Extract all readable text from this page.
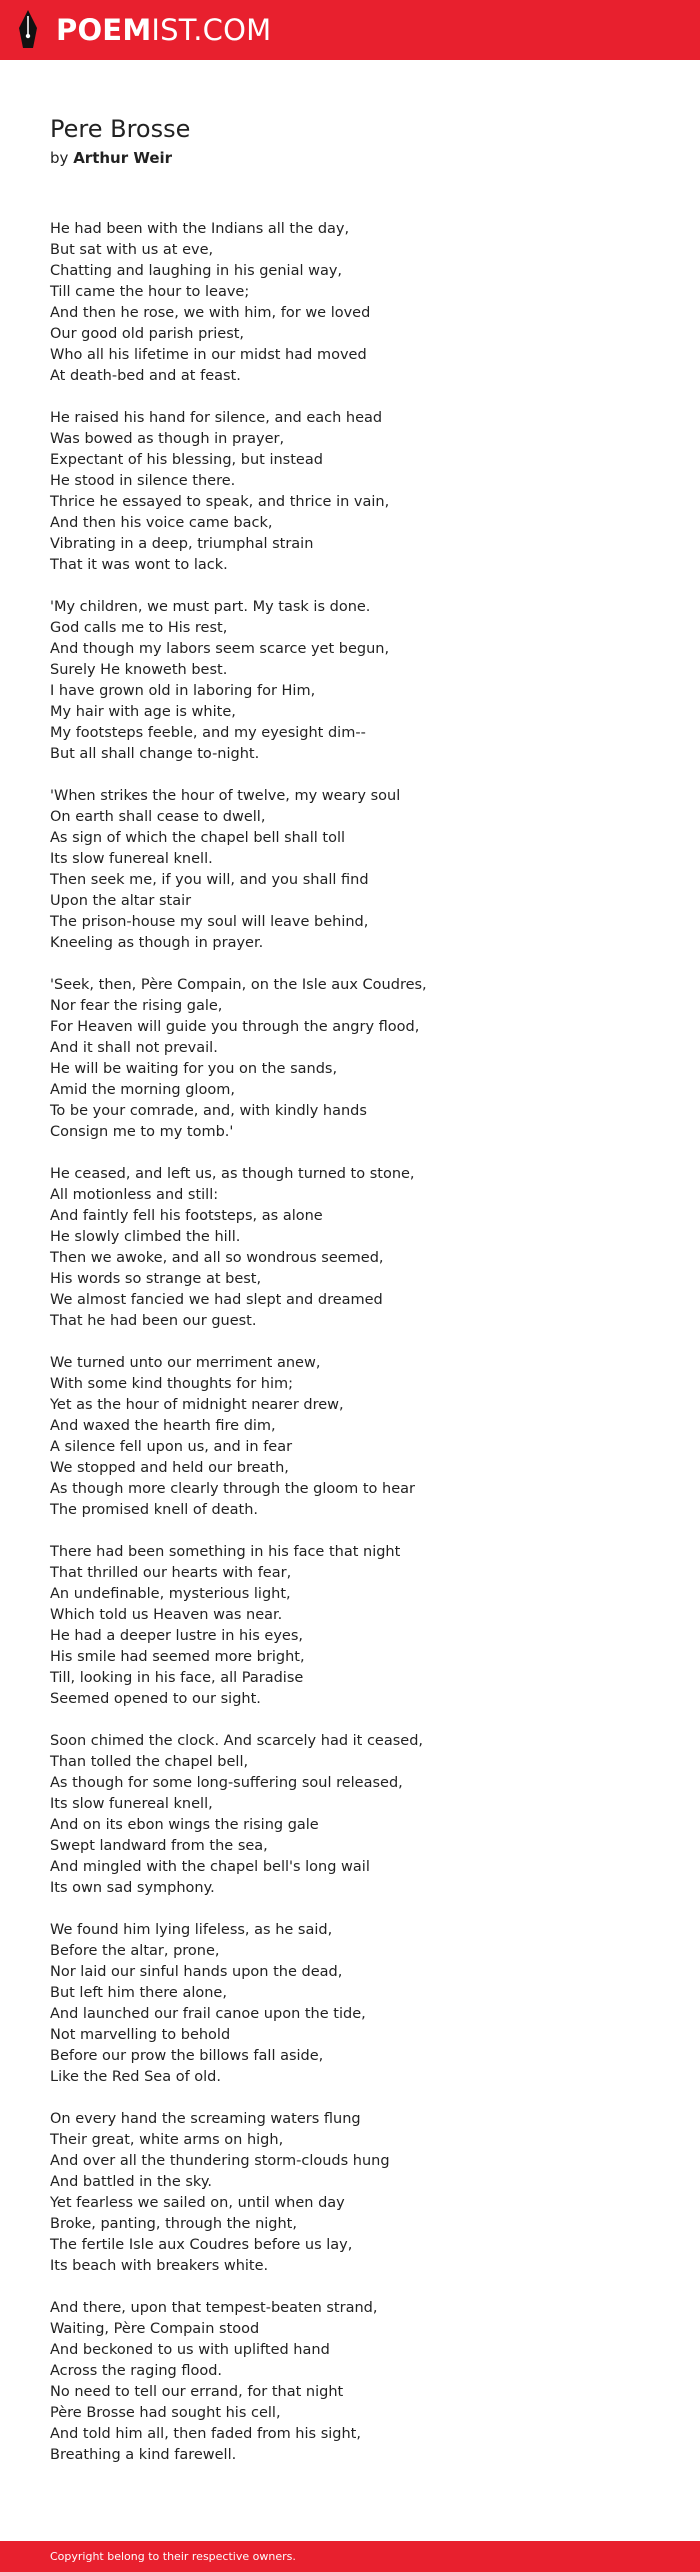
POEMIST.COM
Pere Brosse
by Arthur Weir
He had been with the Indians all the day,
But sat with us at eve,
Chatting and laughing in his genial way,
Till came the hour to leave;
And then he rose, we with him, for we loved
Our good old parish priest,
Who all his lifetime in our midst had moved
At death-bed and at feast.
He raised his hand for silence, and each head
Was bowed as though in prayer,
Expectant of his blessing, but instead
He stood in silence there.
Thrice he essayed to speak, and thrice in vain,
And then his voice came back,
Vibrating in a deep, triumphal strain
That it was wont to lack.
'My children, we must part. My task is done.
God calls me to His rest,
And though my labors seem scarce yet begun,
Surely He knoweth best.
I have grown old in laboring for Him,
My hair with age is white,
My footsteps feeble, and my eyesight dim--
But all shall change to-night.
'When strikes the hour of twelve, my weary soul
On earth shall cease to dwell,
As sign of which the chapel bell shall toll
Its slow funereal knell.
Then seek me, if you will, and you shall find
Upon the altar stair
The prison-house my soul will leave behind,
Kneeling as though in prayer.
'Seek, then, Père Compain, on the Isle aux Coudres,
Nor fear the rising gale,
For Heaven will guide you through the angry flood,
And it shall not prevail.
He will be waiting for you on the sands,
Amid the morning gloom,
To be your comrade, and, with kindly hands
Consign me to my tomb.'
He ceased, and left us, as though turned to stone,
All motionless and still:
And faintly fell his footsteps, as alone
He slowly climbed the hill.
Then we awoke, and all so wondrous seemed,
His words so strange at best,
We almost fancied we had slept and dreamed
That he had been our guest.
We turned unto our merriment anew,
With some kind thoughts for him;
Yet as the hour of midnight nearer drew,
And waxed the hearth fire dim,
A silence fell upon us, and in fear
We stopped and held our breath,
As though more clearly through the gloom to hear
The promised knell of death.
There had been something in his face that night
That thrilled our hearts with fear,
An undefinable, mysterious light,
Which told us Heaven was near.
He had a deeper lustre in his eyes,
His smile had seemed more bright,
Till, looking in his face, all Paradise
Seemed opened to our sight.
Soon chimed the clock. And scarcely had it ceased,
Than tolled the chapel bell,
As though for some long-suffering soul released,
Its slow funereal knell,
And on its ebon wings the rising gale
Swept landward from the sea,
And mingled with the chapel bell's long wail
Its own sad symphony.
We found him lying lifeless, as he said,
Before the altar, prone,
Nor laid our sinful hands upon the dead,
But left him there alone,
And launched our frail canoe upon the tide,
Not marvelling to behold
Before our prow the billows fall aside,
Like the Red Sea of old.
On every hand the screaming waters flung
Their great, white arms on high,
And over all the thundering storm-clouds hung
And battled in the sky.
Yet fearless we sailed on, until when day
Broke, panting, through the night,
The fertile Isle aux Coudres before us lay,
Its beach with breakers white.
And there, upon that tempest-beaten strand,
Waiting, Père Compain stood
And beckoned to us with uplifted hand
Across the raging flood.
No need to tell our errand, for that night
Père Brosse had sought his cell,
And told him all, then faded from his sight,
Breathing a kind farewell.
Copyright belong to their respective owners.
